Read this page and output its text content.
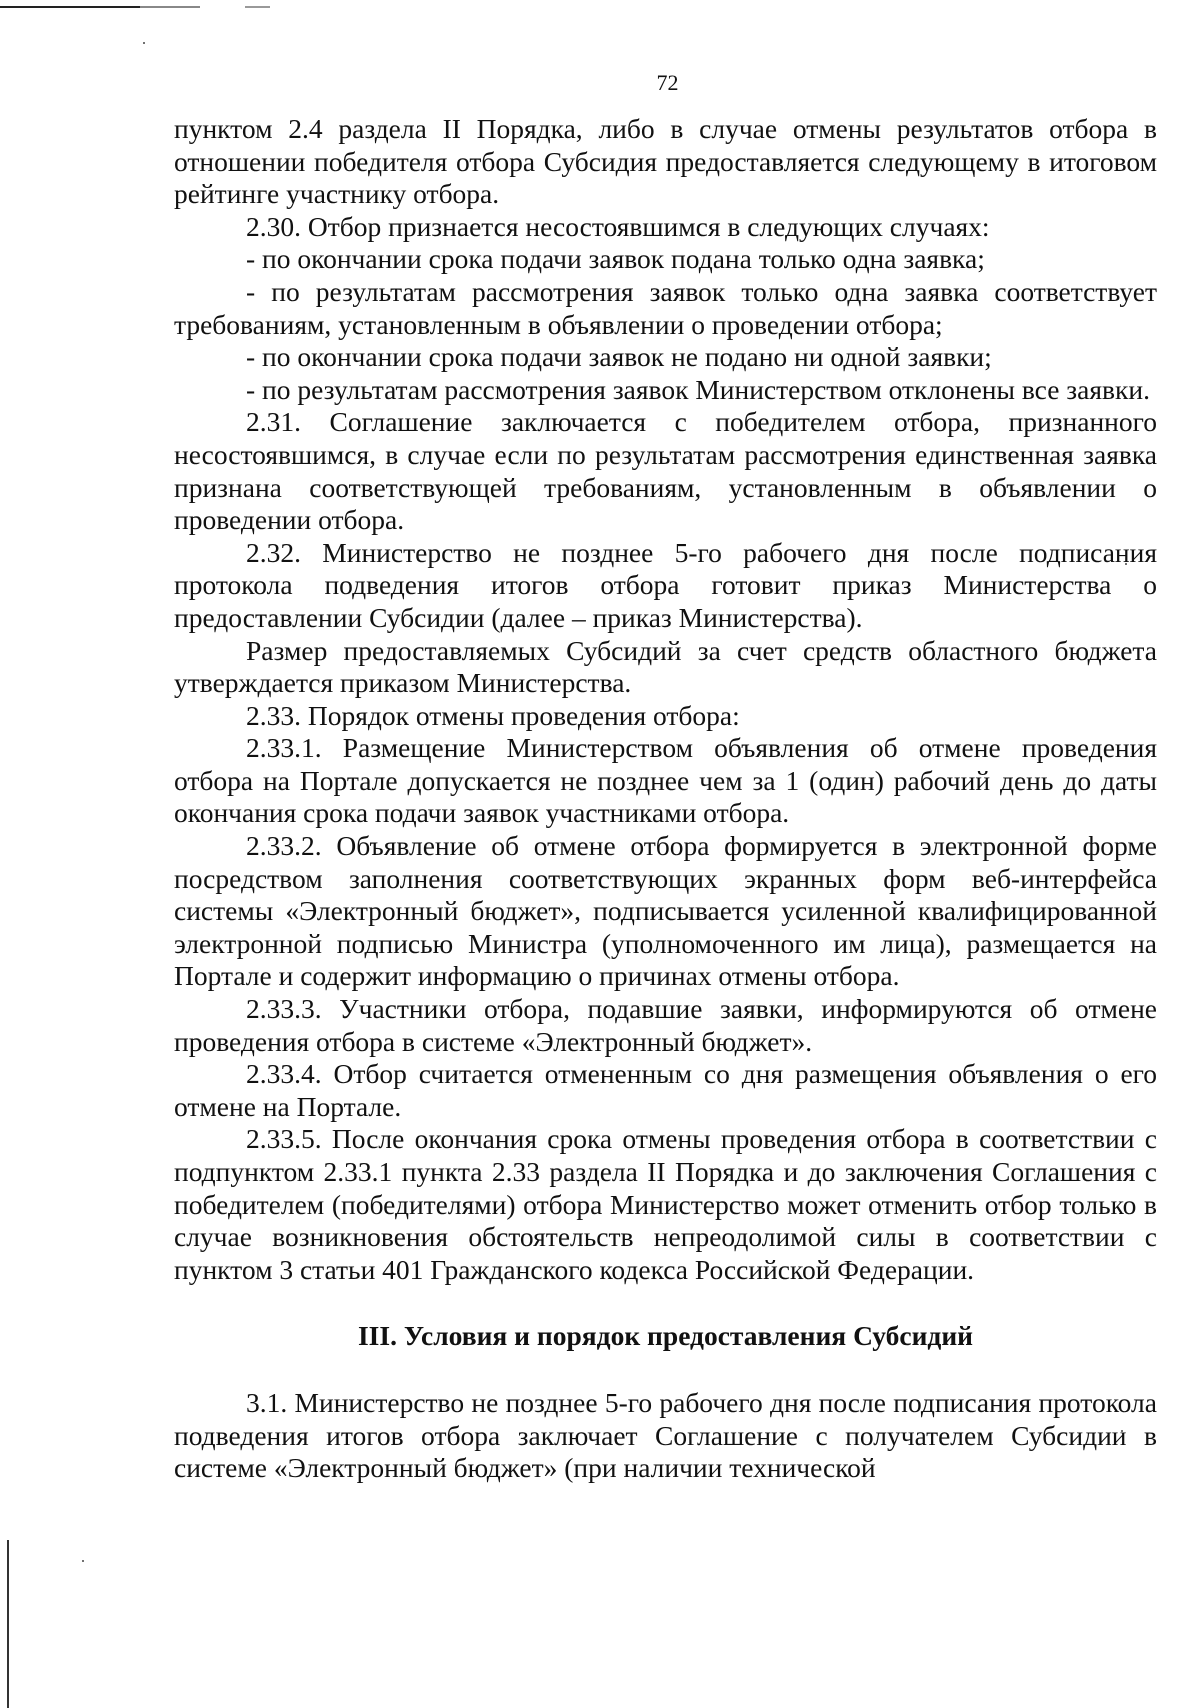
72

пунктом 2.4 раздела II Порядка, либо в случае отмены результатов отбора в отношении победителя отбора Субсидия предоставляется следующему в итоговом рейтинге участнику отбора.

2.30. Отбор признается несостоявшимся в следующих случаях:

- по окончании срока подачи заявок подана только одна заявка;

- по результатам рассмотрения заявок только одна заявка соответствует требованиям, установленным в объявлении о проведении отбора;

- по окончании срока подачи заявок не подано ни одной заявки;

- по результатам рассмотрения заявок Министерством отклонены все заявки.

2.31. Соглашение заключается с победителем отбора, признанного несостоявшимся, в случае если по результатам рассмотрения единственная заявка признана соответствующей требованиям, установленным в объявлении о проведении отбора.

2.32. Министерство не позднее 5-го рабочего дня после подписания протокола подведения итогов отбора готовит приказ Министерства о предоставлении Субсидии (далее – приказ Министерства).

Размер предоставляемых Субсидий за счет средств областного бюджета утверждается приказом Министерства.

2.33. Порядок отмены проведения отбора:

2.33.1. Размещение Министерством объявления об отмене проведения отбора на Портале допускается не позднее чем за 1 (один) рабочий день до даты окончания срока подачи заявок участниками отбора.

2.33.2. Объявление об отмене отбора формируется в электронной форме посредством заполнения соответствующих экранных форм веб-интерфейса системы «Электронный бюджет», подписывается усиленной квалифицированной электронной подписью Министра (уполномоченного им лица), размещается на Портале и содержит информацию о причинах отмены отбора.

2.33.3. Участники отбора, подавшие заявки, информируются об отмене проведения отбора в системе «Электронный бюджет».

2.33.4. Отбор считается отмененным со дня размещения объявления о его отмене на Портале.

2.33.5. После окончания срока отмены проведения отбора в соответствии с подпунктом 2.33.1 пункта 2.33 раздела II Порядка и до заключения Соглашения с победителем (победителями) отбора Министерство может отменить отбор только в случае возникновения обстоятельств непреодолимой силы в соответствии с пунктом 3 статьи 401 Гражданского кодекса Российской Федерации.

III. Условия и порядок предоставления Субсидий

3.1. Министерство не позднее 5-го рабочего дня после подписания протокола подведения итогов отбора заключает Соглашение с получателем Субсидии в системе «Электронный бюджет» (при наличии технической
